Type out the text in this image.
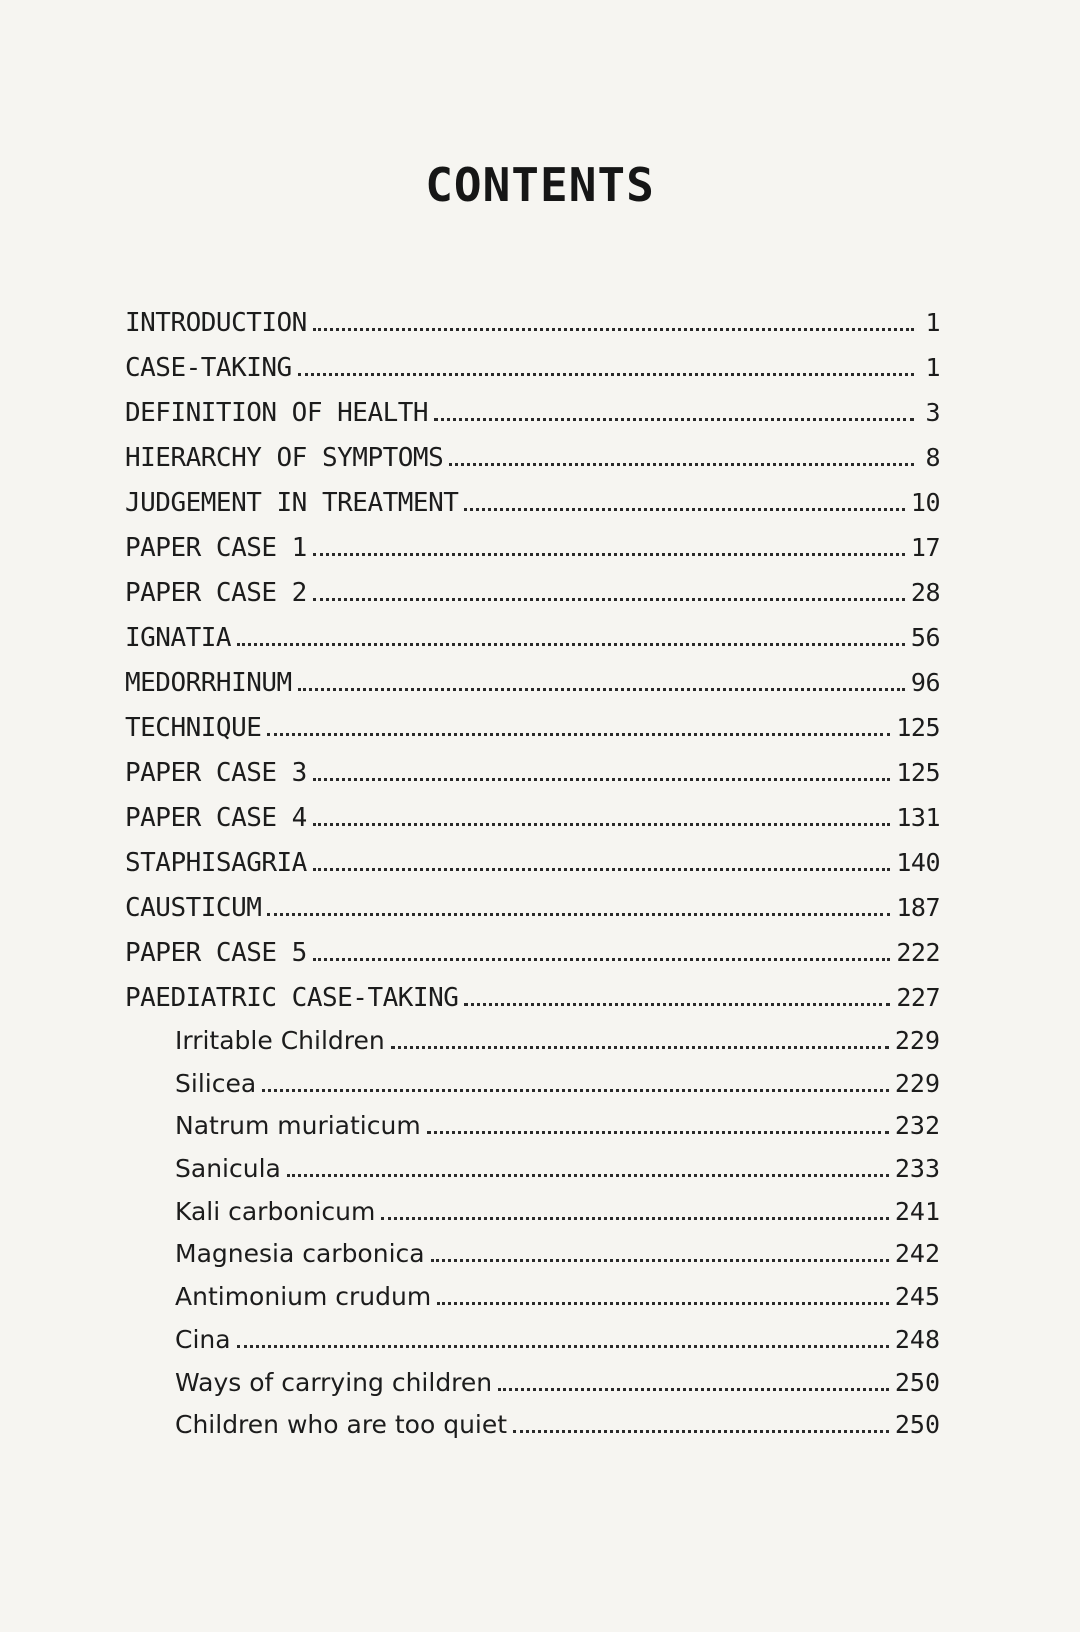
CONTENTS
INTRODUCTION	1
CASE-TAKING	1
DEFINITION OF HEALTH	3
HIERARCHY OF SYMPTOMS	8
JUDGEMENT IN TREATMENT	10
PAPER CASE 1	17
PAPER CASE 2	28
IGNATIA	56
MEDORRHINUM	96
TECHNIQUE	125
PAPER CASE 3	125
PAPER CASE 4	131
STAPHISAGRIA	140
CAUSTICUM	187
PAPER CASE 5	222
PAEDIATRIC CASE-TAKING	227
Irritable Children	229
Silicea	229
Natrum muriaticum	232
Sanicula	233
Kali carbonicum	241
Magnesia carbonica	242
Antimonium crudum	245
Cina	248
Ways of carrying children	250
Children who are too quiet	250
